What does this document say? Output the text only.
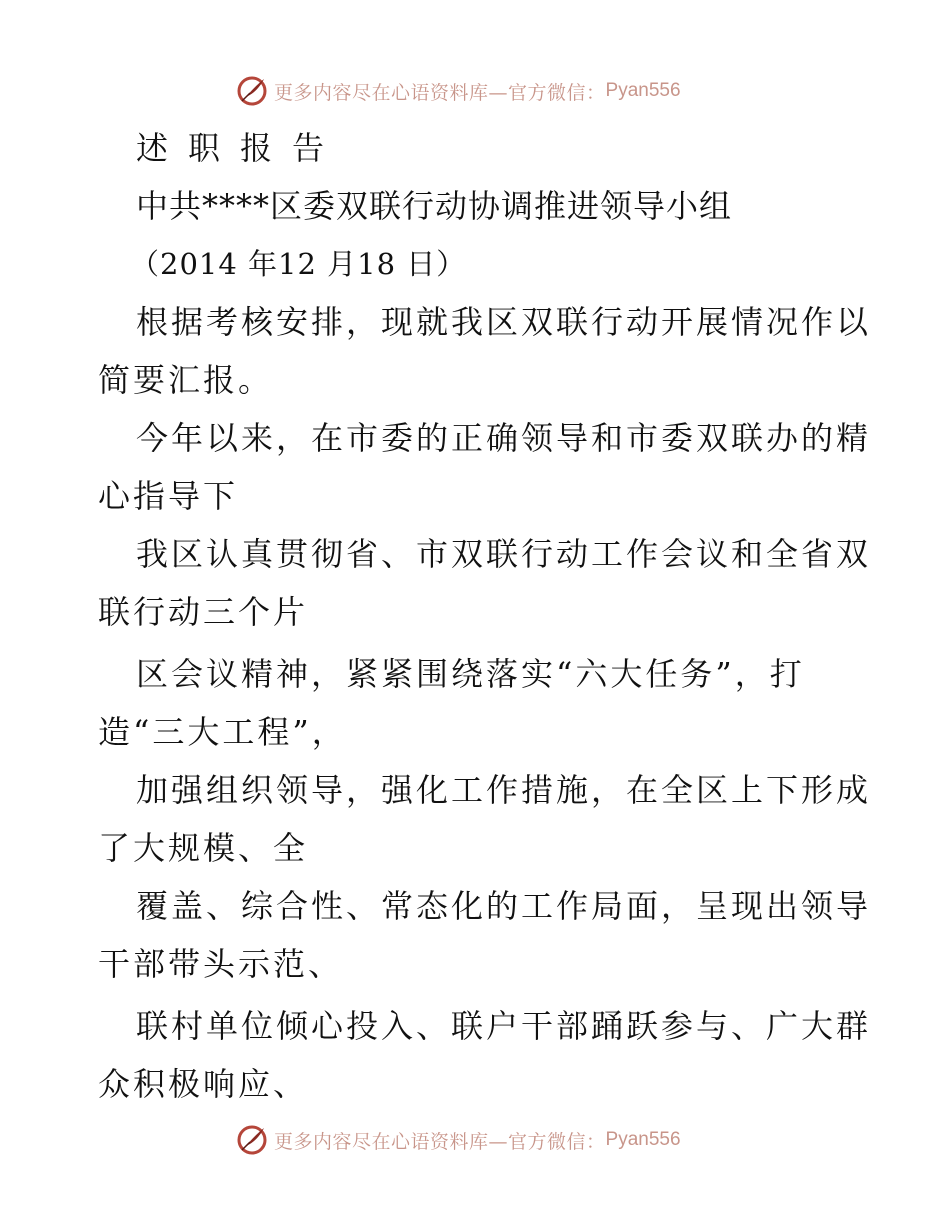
更多内容尽在心语资料库—官方微信： Pyan556
述职报告
中共****区委双联行动协调推进领导小组
（2014 年12 月18 日）
根据考核安排，现就我区双联行动开展情况作以
简要汇报。
今年以来，在市委的正确领导和市委双联办的精
心指导下
我区认真贯彻省、市双联行动工作会议和全省双
联行动三个片
区会议精神，紧紧围绕落实“六大任务”，打
造“三大工程”，
加强组织领导，强化工作措施，在全区上下形成
了大规模、全
覆盖、综合性、常态化的工作局面，呈现出领导
干部带头示范、
联村单位倾心投入、联户干部踊跃参与、广大群
众积极响应、
更多内容尽在心语资料库—官方微信： Pyan556
